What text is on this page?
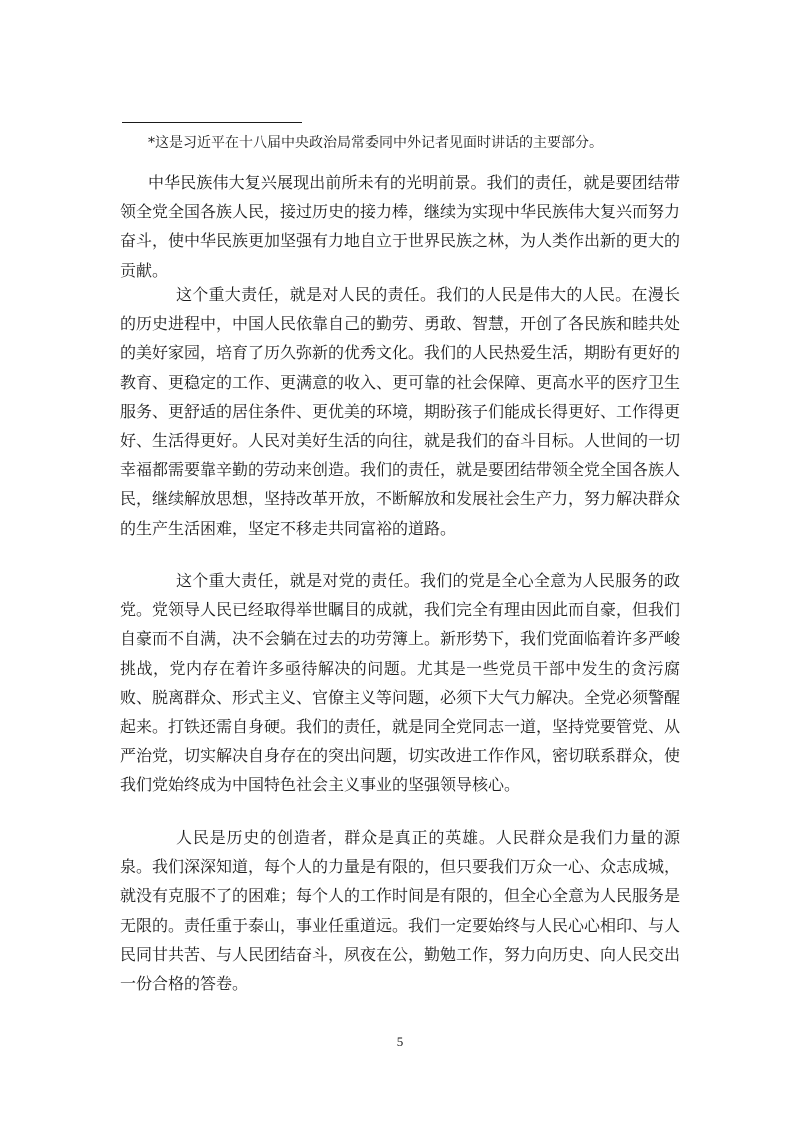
*这是习近平在十八届中央政治局常委同中外记者见面时讲话的主要部分。

中华民族伟大复兴展现出前所未有的光明前景。我们的责任，就是要团结带领全党全国各族人民，接过历史的接力棒，继续为实现中华民族伟大复兴而努力奋斗，使中华民族更加坚强有力地自立于世界民族之林，为人类作出新的更大的贡献。

这个重大责任，就是对人民的责任。我们的人民是伟大的人民。在漫长的历史进程中，中国人民依靠自己的勤劳、勇敢、智慧，开创了各民族和睦共处的美好家园，培育了历久弥新的优秀文化。我们的人民热爱生活，期盼有更好的教育、更稳定的工作、更满意的收入、更可靠的社会保障、更高水平的医疗卫生服务、更舒适的居住条件、更优美的环境，期盼孩子们能成长得更好、工作得更好、生活得更好。人民对美好生活的向往，就是我们的奋斗目标。人世间的一切幸福都需要靠辛勤的劳动来创造。我们的责任，就是要团结带领全党全国各族人民，继续解放思想，坚持改革开放，不断解放和发展社会生产力，努力解决群众的生产生活困难，坚定不移走共同富裕的道路。

这个重大责任，就是对党的责任。我们的党是全心全意为人民服务的政党。党领导人民已经取得举世瞩目的成就，我们完全有理由因此而自豪，但我们自豪而不自满，决不会躺在过去的功劳簿上。新形势下，我们党面临着许多严峻挑战，党内存在着许多亟待解决的问题。尤其是一些党员干部中发生的贪污腐败、脱离群众、形式主义、官僚主义等问题，必须下大气力解决。全党必须警醒起来。打铁还需自身硬。我们的责任，就是同全党同志一道，坚持党要管党、从严治党，切实解决自身存在的突出问题，切实改进工作作风，密切联系群众，使我们党始终成为中国特色社会主义事业的坚强领导核心。

人民是历史的创造者，群众是真正的英雄。人民群众是我们力量的源泉。我们深深知道，每个人的力量是有限的，但只要我们万众一心、众志成城，就没有克服不了的困难；每个人的工作时间是有限的，但全心全意为人民服务是无限的。责任重于泰山，事业任重道远。我们一定要始终与人民心心相印、与人民同甘共苦、与人民团结奋斗，夙夜在公，勤勉工作，努力向历史、向人民交出一份合格的答卷。

5
